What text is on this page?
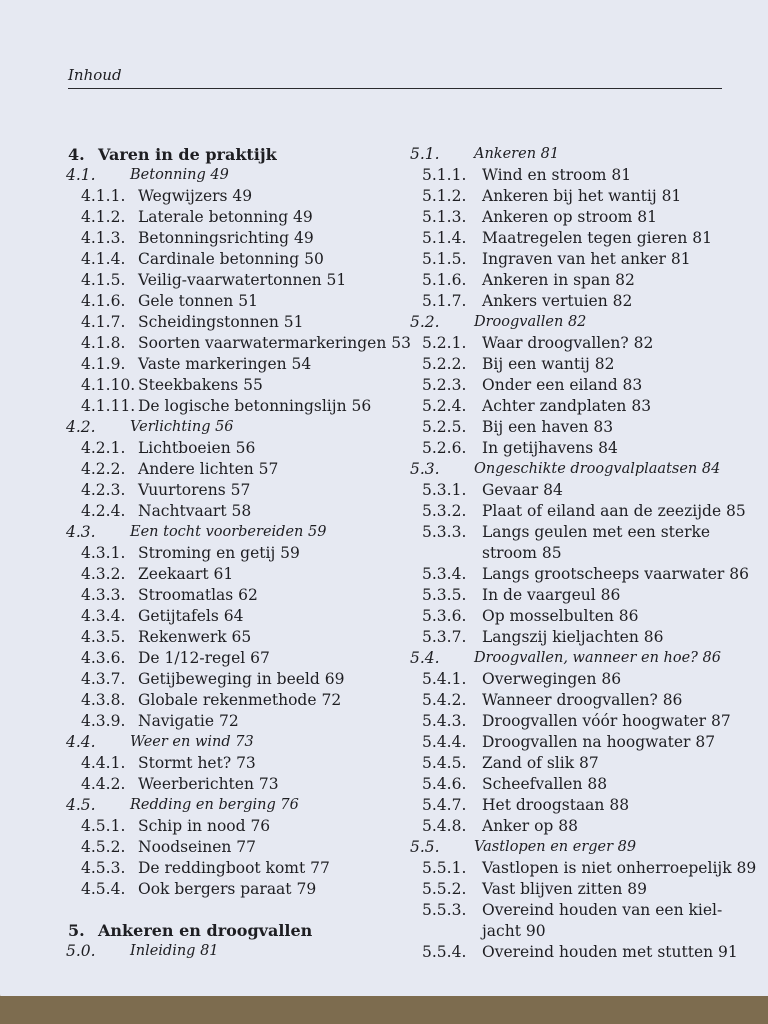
Inhoud
4. Varen in de praktijk
4.1. Betonning 49
4.1.1. Wegwijzers 49
4.1.2. Laterale betonning 49
4.1.3. Betonningsrichting 49
4.1.4. Cardinale betonning 50
4.1.5. Veilig-vaarwatertonnen 51
4.1.6. Gele tonnen 51
4.1.7. Scheidingstonnen 51
4.1.8. Soorten vaarwatermarkeringen 53
4.1.9. Vaste markeringen 54
4.1.10. Steekbakens 55
4.1.11. De logische betonningslijn 56
4.2. Verlichting 56
4.2.1. Lichtboeien 56
4.2.2. Andere lichten 57
4.2.3. Vuurtorens 57
4.2.4. Nachtvaart 58
4.3. Een tocht voorbereiden 59
4.3.1. Stroming en getij 59
4.3.2. Zeekaart 61
4.3.3. Stroomatlas 62
4.3.4. Getijtafels 64
4.3.5. Rekenwerk 65
4.3.6. De 1/12-regel 67
4.3.7. Getijbeweging in beeld 69
4.3.8. Globale rekenmethode 72
4.3.9. Navigatie 72
4.4. Weer en wind 73
4.4.1. Stormt het? 73
4.4.2. Weerberichten 73
4.5. Redding en berging 76
4.5.1. Schip in nood 76
4.5.2. Noodseinen 77
4.5.3. De reddingboot komt 77
4.5.4. Ook bergers paraat 79
5. Ankeren en droogvallen
5.0. Inleiding 81
5.1. Ankeren 81
5.1.1. Wind en stroom 81
5.1.2. Ankeren bij het wantij 81
5.1.3. Ankeren op stroom 81
5.1.4. Maatregelen tegen gieren 81
5.1.5. Ingraven van het anker 81
5.1.6. Ankeren in span 82
5.1.7. Ankers vertuien 82
5.2. Droogvallen 82
5.2.1. Waar droogvallen? 82
5.2.2. Bij een wantij 82
5.2.3. Onder een eiland 83
5.2.4. Achter zandplaten 83
5.2.5. Bij een haven 83
5.2.6. In getijhavens 84
5.3. Ongeschikte droogvalplaatsen 84
5.3.1. Gevaar 84
5.3.2. Plaat of eiland aan de zeezijde 85
5.3.3. Langs geulen met een sterke
stroom 85
5.3.4. Langs grootscheeps vaarwater 86
5.3.5. In de vaargeul 86
5.3.6. Op mosselbulten 86
5.3.7. Langszij kieljachten 86
5.4. Droogvallen, wanneer en hoe? 86
5.4.1. Overwegingen 86
5.4.2. Wanneer droogvallen? 86
5.4.3. Droogvallen vóór hoogwater 87
5.4.4. Droogvallen na hoogwater 87
5.4.5. Zand of slik 87
5.4.6. Scheefvallen 88
5.4.7. Het droogstaan 88
5.4.8. Anker op 88
5.5. Vastlopen en erger 89
5.5.1. Vastlopen is niet onherroepelijk 89
5.5.2. Vast blijven zitten 89
5.5.3. Overeind houden van een kiel-
jacht 90
5.5.4. Overeind houden met stutten 91
